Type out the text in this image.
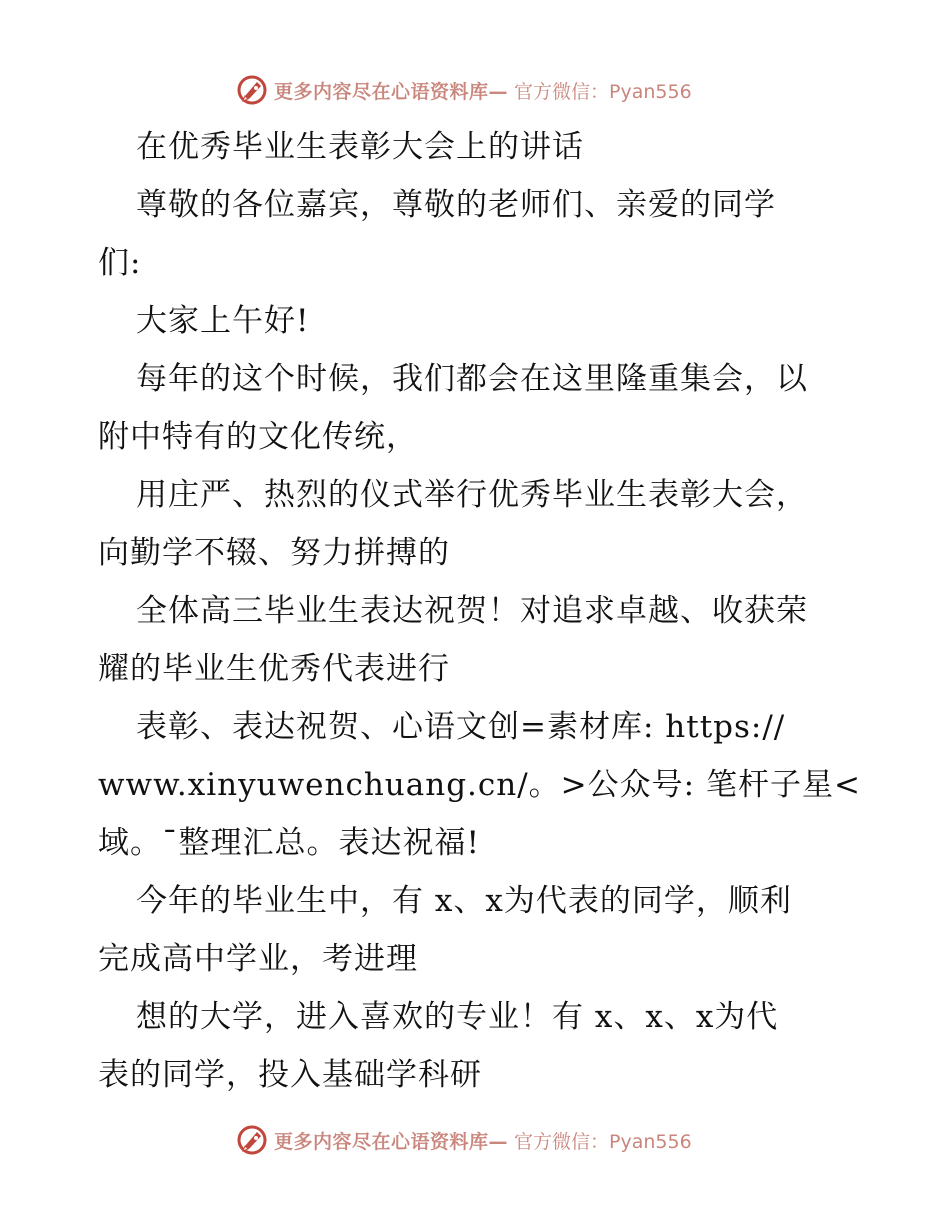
更多内容尽在心语资料库— 官方微信：Pyan556
在优秀毕业生表彰大会上的讲话
尊敬的各位嘉宾，尊敬的老师们、亲爱的同学
们:
大家上午好!
每年的这个时候，我们都会在这里隆重集会，以
附中特有的文化传统，
用庄严、热烈的仪式举行优秀毕业生表彰大会，
向勤学不辍、努力拼搏的
全体高三毕业生表达祝贺！对追求卓越、收获荣
耀的毕业生优秀代表进行
表彰、表达祝贺、心语文创=素材库: https://
www.xinyuwenchuang.cn/。>公众号: 笔杆子星<
域。¯整理汇总。表达祝福!
今年的毕业生中，有 x、x为代表的同学，顺利
完成高中学业，考进理
想的大学，进入喜欢的专业！有 x、x、x为代
表的同学，投入基础学科研
更多内容尽在心语资料库— 官方微信：Pyan556
